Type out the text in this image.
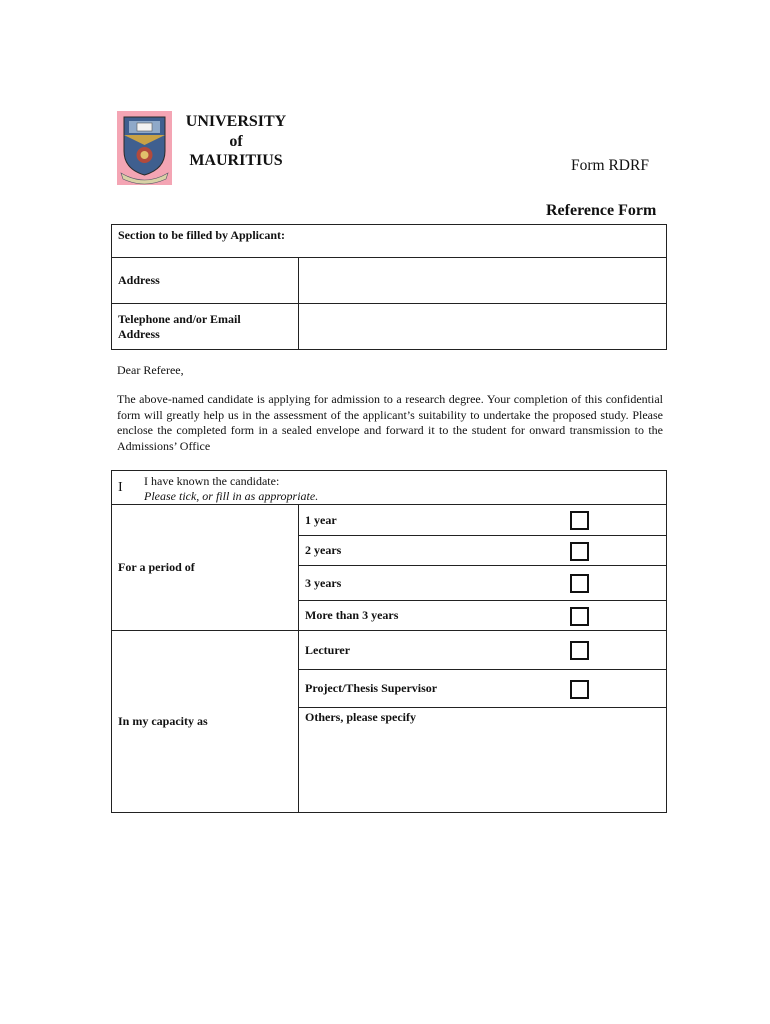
UNIVERSITY
of
MAURITIUS	Form RDRF
Reference Form
Section to be filled by Applicant:	
Address	

Telephone and/or Email
Address	

Dear Referee,
The above-named candidate is applying for admission to a research degree. Your completion of this confidential form will greatly help us in the assessment of the applicant’s suitability to undertake the proposed study. Please enclose the completed form in a sealed envelope and forward it to the student for onward transmission to the Admissions’ Office
I I have known the candidate:
Please tick, or fill in as appropriate.	
For a period of	1 year

	2 years

	3 years

	More than 3 years

In my capacity as	Lecturer

	Project/Thesis Supervisor

	Others, please specify
